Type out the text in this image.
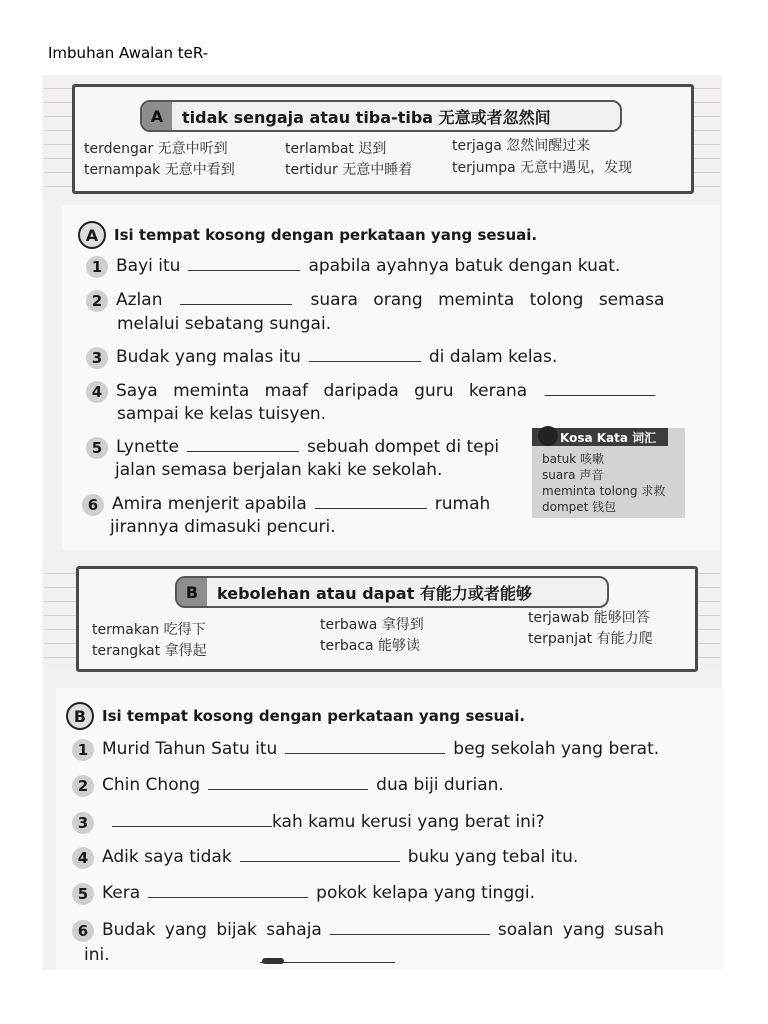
Imbuhan Awalan teR-
A	tidak sengaja atau tiba-tiba 无意或者忽然间
terdengar 无意中听到	terlambat 迟到	terjaga 忽然间醒过来
ternampak 无意中看到	tertidur 无意中睡着	terjumpa 无意中遇见，发现
A	Isi tempat kosong dengan perkataan yang sesuai.
1 Bayi itu	apabila ayahnya batuk dengan kuat.
2 Azlan	suara orang meminta tolong semasa
melalui sebatang sungai.
3 Budak yang malas itu	di dalam kelas.
4 Saya meminta maaf daripada guru kerana
sampai ke kelas tuisyen.
5 Lynette	sebuah dompet di tepi
jalan semasa berjalan kaki ke sekolah.
6 Amira menjerit apabila	rumah
jirannya dimasuki pencuri.
Kosa Kata 词汇
batuk 咳嗽
suara 声音
meminta tolong 求救
dompet 钱包
B	kebolehan atau dapat 有能力或者能够
termakan 吃得下	terbawa 拿得到	terjawab 能够回答
terangkat 拿得起	terbaca 能够读	terpanjat 有能力爬
B	Isi tempat kosong dengan perkataan yang sesuai.
1 Murid Tahun Satu itu	beg sekolah yang berat.
2 Chin Chong	dua biji durian.
3	kah kamu kerusi yang berat ini?
4 Adik saya tidak	buku yang tebal itu.
5 Kera	pokok kelapa yang tinggi.
6 Budak yang bijak sahaja	soalan yang susah
ini.
